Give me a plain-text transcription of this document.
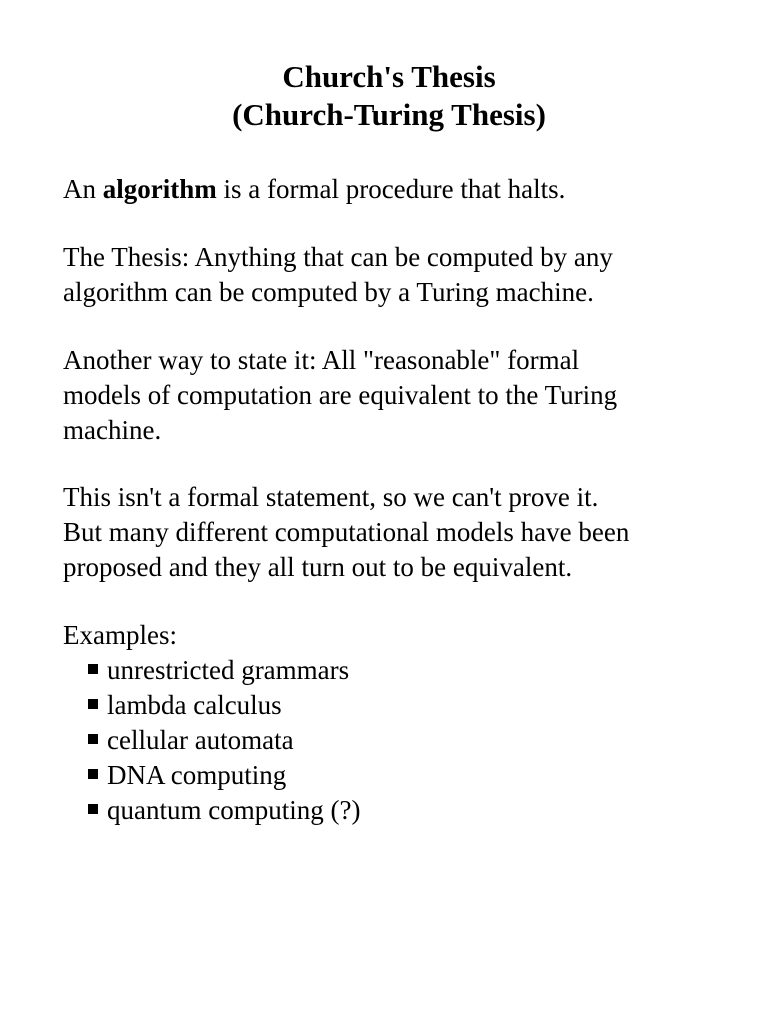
Church's Thesis
(Church-Turing Thesis)

An algorithm is a formal procedure that halts.

The Thesis: Anything that can be computed by any
algorithm can be computed by a Turing machine.

Another way to state it: All "reasonable" formal
models of computation are equivalent to the Turing
machine.

This isn't a formal statement, so we can't prove it.
But many different computational models have been
proposed and they all turn out to be equivalent.

Examples:

unrestricted grammars
lambda calculus
cellular automata
DNA computing
quantum computing (?)
